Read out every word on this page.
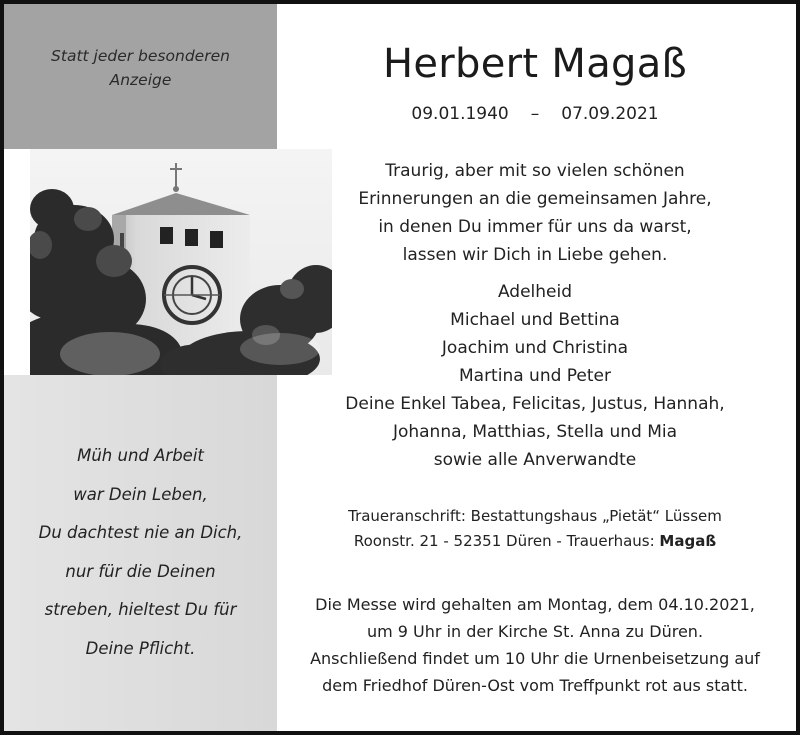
Statt jeder besonderen
Anzeige
Müh und Arbeit
war Dein Leben,
Du dachtest nie an Dich,
nur für die Deinen
streben, hieltest Du für
Deine Pflicht.
Herbert Magaß
09.01.1940 – 07.09.2021
Traurig, aber mit so vielen schönen
Erinnerungen an die gemeinsamen Jahre,
in denen Du immer für uns da warst,
lassen wir Dich in Liebe gehen.
Adelheid
Michael und Bettina
Joachim und Christina
Martina und Peter
Deine Enkel Tabea, Felicitas, Justus, Hannah,
Johanna, Matthias, Stella und Mia
sowie alle Anverwandte
Traueranschrift: Bestattungshaus „Pietät“ Lüssem
Roonstr. 21 - 52351 Düren - Trauerhaus: Magaß
Die Messe wird gehalten am Montag, dem 04.10.2021,
um 9 Uhr in der Kirche St. Anna zu Düren.
Anschließend findet um 10 Uhr die Urnenbeisetzung auf
dem Friedhof Düren-Ost vom Treffpunkt rot aus statt.
